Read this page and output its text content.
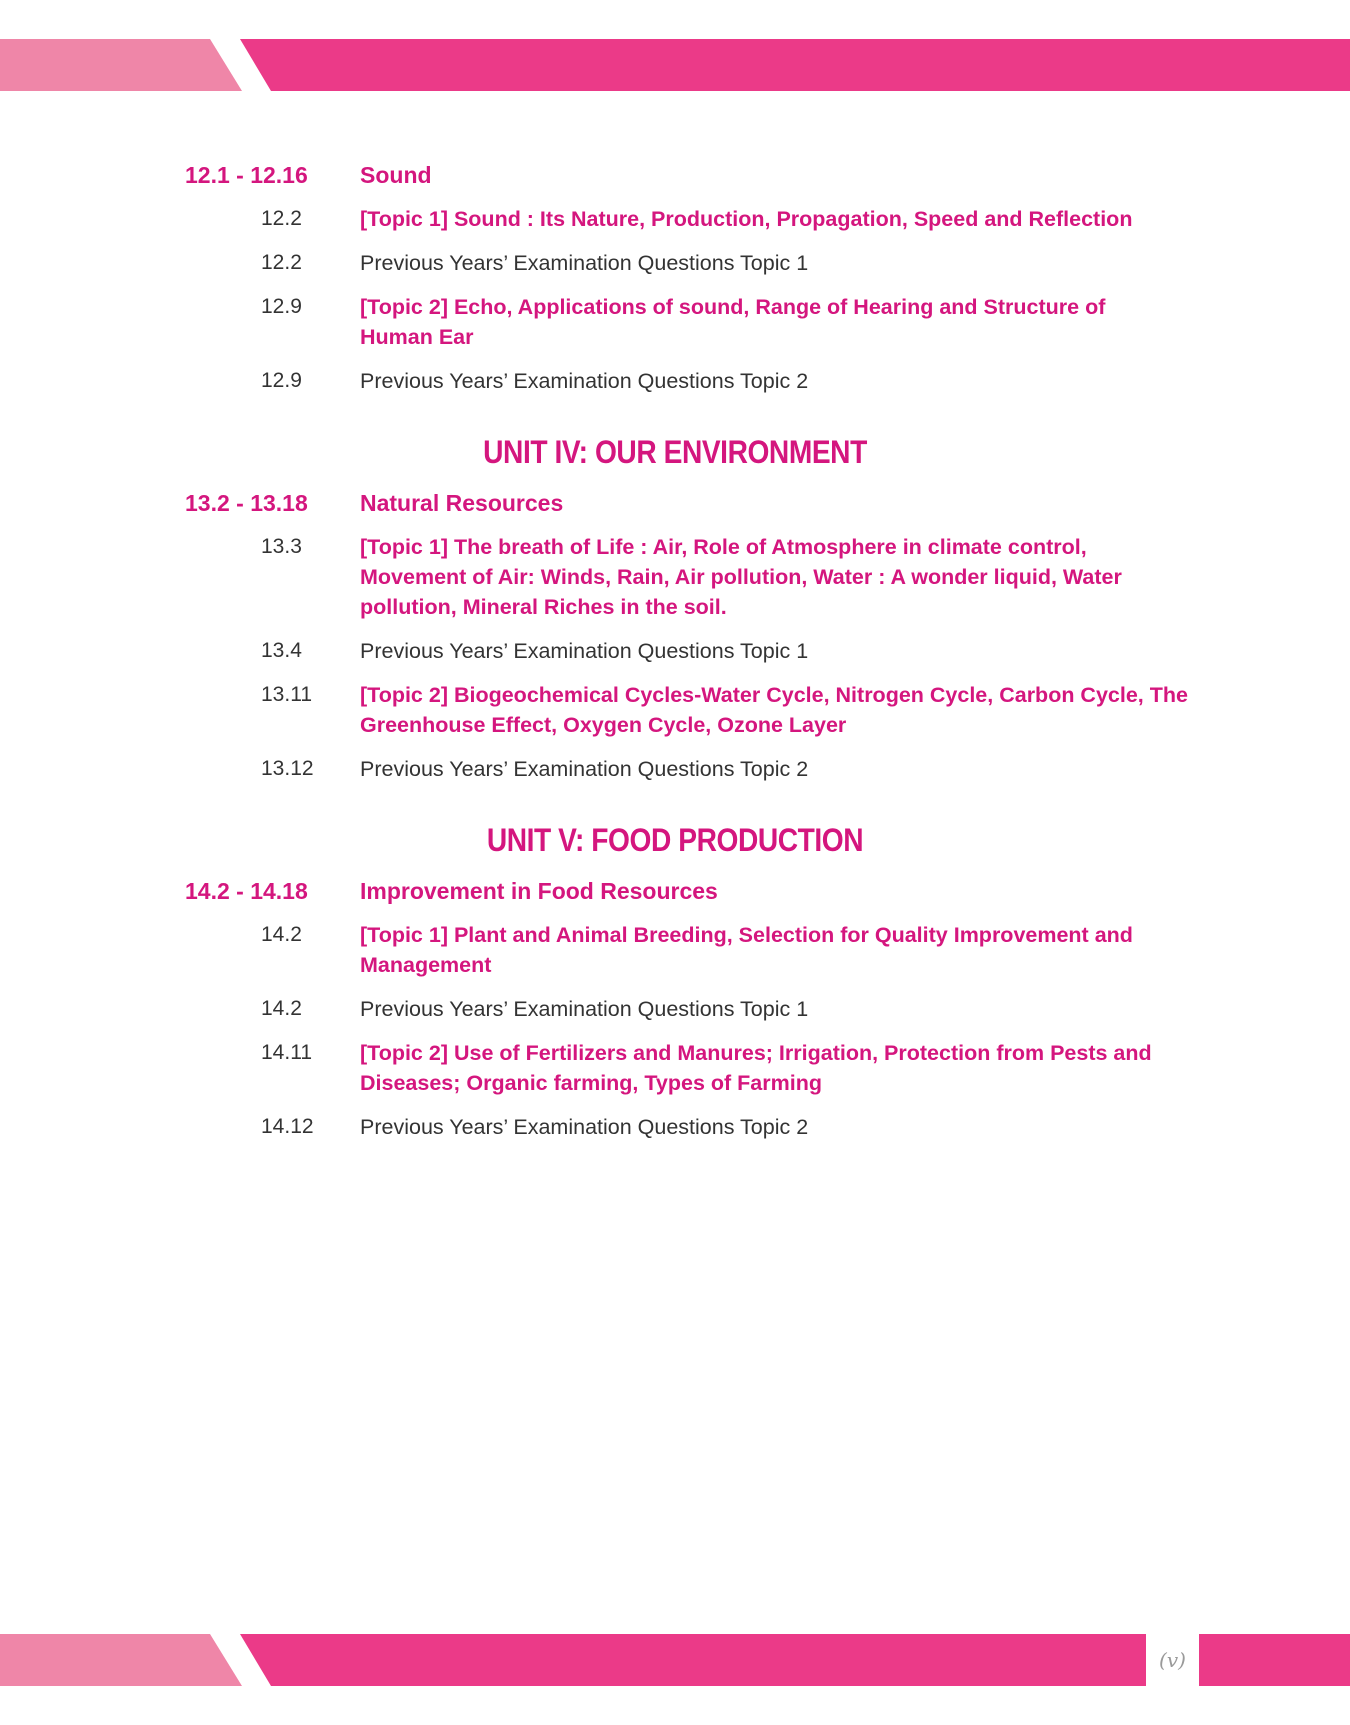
12.1 - 12.16	Sound
12.2	[Topic 1] Sound : Its Nature, Production, Propagation, Speed and Reflection
12.2	Previous Years’ Examination Questions Topic 1
12.9	[Topic 2] Echo, Applications of sound, Range of Hearing and Structure of Human Ear
12.9	Previous Years’ Examination Questions Topic 2
UNIT IV: OUR ENVIRONMENT
13.2 - 13.18	Natural Resources
13.3	[Topic 1] The breath of Life : Air, Role of Atmosphere in climate control, Movement of Air: Winds, Rain, Air pollution, Water : A wonder liquid, Water pollution, Mineral Riches in the soil.
13.4	Previous Years’ Examination Questions Topic 1
13.11	[Topic 2] Biogeochemical Cycles-Water Cycle, Nitrogen Cycle, Carbon Cycle, The Greenhouse Effect, Oxygen Cycle, Ozone Layer
13.12	Previous Years’ Examination Questions Topic 2
UNIT V: FOOD PRODUCTION
14.2 - 14.18	Improvement in Food Resources
14.2	[Topic 1] Plant and Animal Breeding, Selection for Quality Improvement and Management
14.2	Previous Years’ Examination Questions Topic 1
14.11	[Topic 2] Use of Fertilizers and Manures; Irrigation, Protection from Pests and Diseases; Organic farming, Types of Farming
14.12	Previous Years’ Examination Questions Topic 2
(v)
